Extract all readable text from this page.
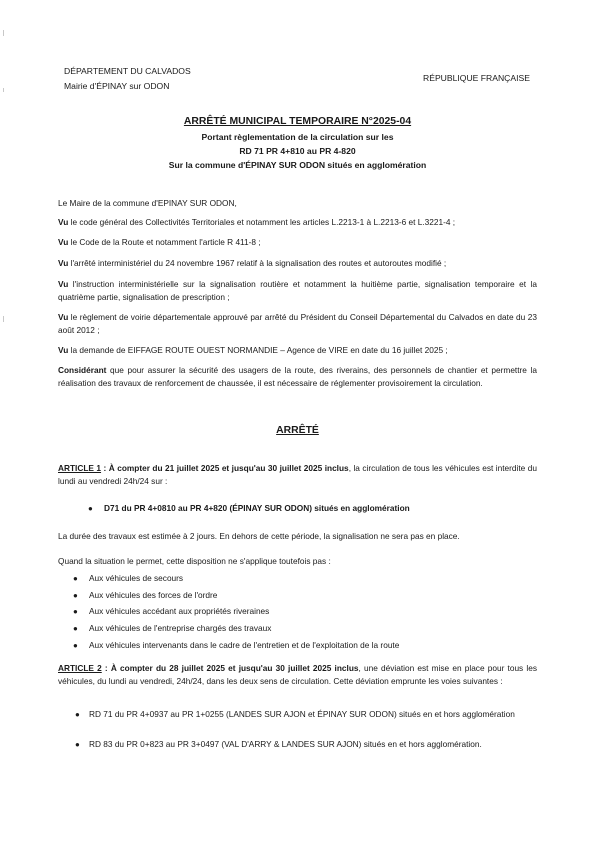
DÉPARTEMENT DU CALVADOS
Mairie d'ÉPINAY sur ODON
RÉPUBLIQUE FRANÇAISE
ARRÊTÉ MUNICIPAL TEMPORAIRE N°2025-04
Portant règlementation de la circulation sur les
RD 71 PR 4+810 au PR 4-820
Sur la commune d'ÉPINAY SUR ODON situés en agglomération
Le Maire de la commune d'EPINAY SUR ODON,
Vu le code général des Collectivités Territoriales et notamment les articles L.2213-1 à L.2213-6 et L.3221-4 ;
Vu le Code de la Route et notamment l'article R 411-8 ;
Vu l'arrêté interministériel du 24 novembre 1967 relatif à la signalisation des routes et autoroutes modifié ;
Vu l'instruction interministérielle sur la signalisation routière et notamment la huitième partie, signalisation temporaire et la quatrième partie, signalisation de prescription ;
Vu le règlement de voirie départementale approuvé par arrêté du Président du Conseil Départemental du Calvados en date du 23 août 2012 ;
Vu la demande de EIFFAGE ROUTE OUEST NORMANDIE – Agence de VIRE en date du 16 juillet 2025 ;
Considérant que pour assurer la sécurité des usagers de la route, des riverains, des personnels de chantier et permettre la réalisation des travaux de renforcement de chaussée, il est nécessaire de réglementer provisoirement la circulation.
ARRÊTÉ
ARTICLE 1 : À compter du 21 juillet 2025 et jusqu'au 30 juillet 2025 inclus, la circulation de tous les véhicules est interdite du lundi au vendredi 24h/24 sur :
● D71 du PR 4+0810 au PR 4+820 (ÉPINAY SUR ODON) situés en agglomération
La durée des travaux est estimée à 2 jours. En dehors de cette période, la signalisation ne sera pas en place.
Quand la situation le permet, cette disposition ne s'applique toutefois pas :
● Aux véhicules de secours
● Aux véhicules des forces de l'ordre
● Aux véhicules accédant aux propriétés riveraines
● Aux véhicules de l'entreprise chargés des travaux
● Aux véhicules intervenants dans le cadre de l'entretien et de l'exploitation de la route
ARTICLE 2 : À compter du 28 juillet 2025 et jusqu'au 30 juillet 2025 inclus, une déviation est mise en place pour tous les véhicules, du lundi au vendredi, 24h/24, dans les deux sens de circulation. Cette déviation emprunte les voies suivantes :
● RD 71 du PR 4+0937 au PR 1+0255 (LANDES SUR AJON et ÉPINAY SUR ODON) situés en et hors agglomération
● RD 83 du PR 0+823 au PR 3+0497 (VAL D'ARRY & LANDES SUR AJON) situés en et hors agglomération.
